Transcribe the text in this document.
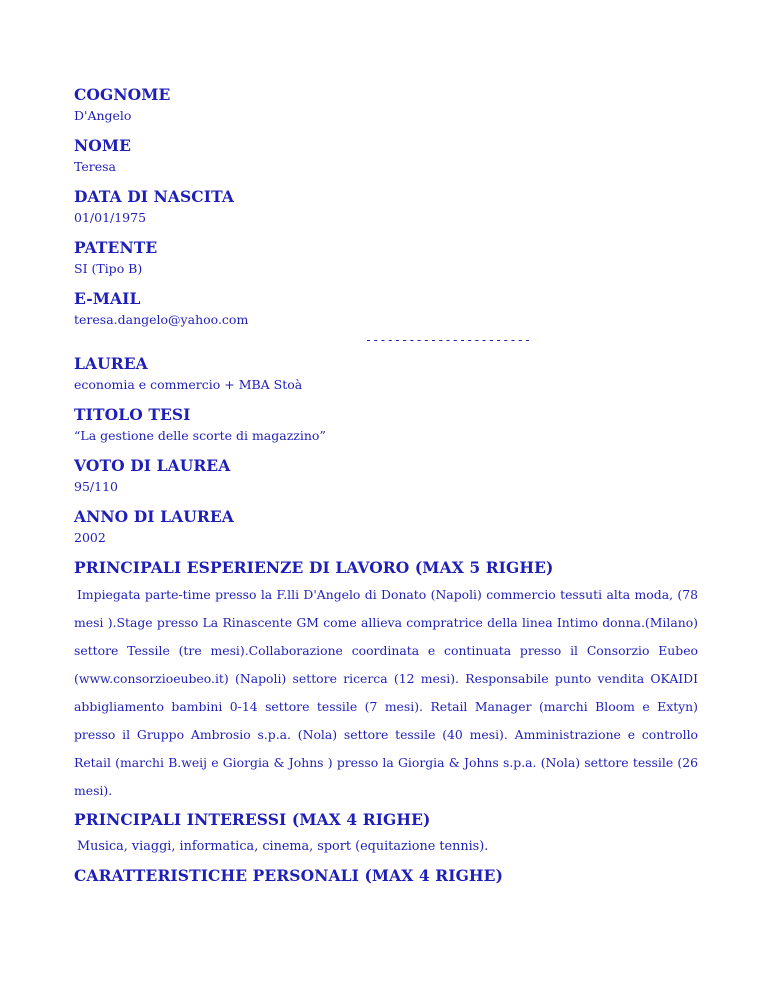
COGNOME

D'Angelo

NOME

Teresa

DATA DI NASCITA

01/01/1975

PATENTE

SI (Tipo B)

E-MAIL

teresa.dangelo@yahoo.com

-----------------------

LAUREA

economia e commercio + MBA Stoà

TITOLO TESI

“La gestione delle scorte di magazzino”

VOTO DI LAUREA

95/110

ANNO DI LAUREA

2002

PRINCIPALI ESPERIENZE DI LAVORO (MAX 5 RIGHE)

Impiegata parte-time presso la F.lli D'Angelo di Donato (Napoli) commercio tessuti alta moda, (78 mesi ).Stage presso La Rinascente GM come allieva compratrice della linea Intimo donna.(Milano) settore Tessile (tre mesi).Collaborazione coordinata e continuata presso il Consorzio Eubeo (www.consorzioeubeo.it) (Napoli) settore ricerca (12 mesi). Responsabile punto vendita OKAIDI abbigliamento bambini 0-14 settore tessile (7 mesi). Retail Manager (marchi Bloom e Extyn) presso il Gruppo Ambrosio s.p.a. (Nola) settore tessile (40 mesi). Amministrazione e controllo Retail (marchi B.weij e Giorgia & Johns ) presso la Giorgia & Johns s.p.a. (Nola) settore tessile (26 mesi).

PRINCIPALI INTERESSI (MAX 4 RIGHE)

Musica, viaggi, informatica, cinema, sport (equitazione tennis).

CARATTERISTICHE PERSONALI (MAX 4 RIGHE)
